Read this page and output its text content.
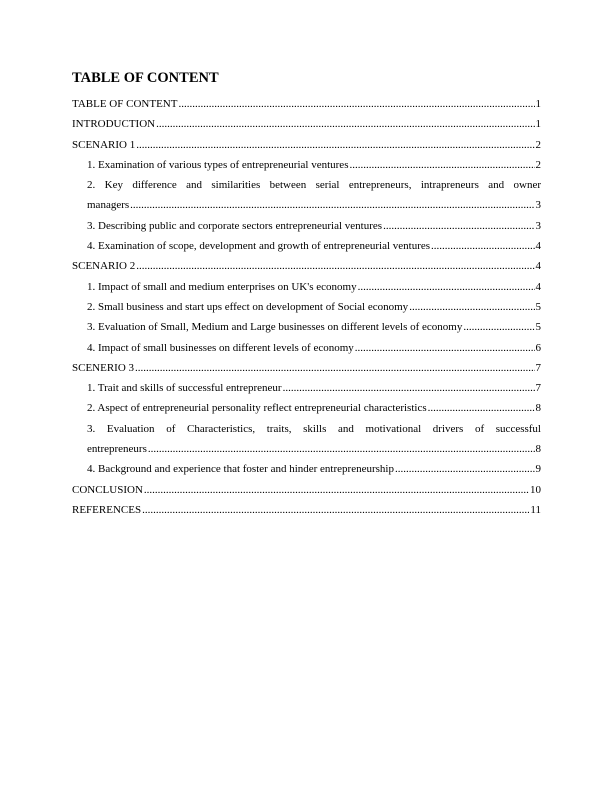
TABLE OF CONTENT
TABLE OF CONTENT .....	1
INTRODUCTION .....	1
SCENARIO 1 .....	2
1. Examination of various types of entrepreneurial ventures .....	2
2. Key difference and similarities between serial entrepreneurs, intrapreneurs and owner
managers .....	3
3. Describing public and corporate sectors entrepreneurial ventures .....	3
4. Examination of scope, development and growth of entrepreneurial ventures .....	4
SCENARIO 2 .....	4
1. Impact of small and medium enterprises on UK's economy .....	4
2. Small business and start ups effect on development of Social economy .....	5
3. Evaluation of Small, Medium and Large businesses on different levels of economy .....	5
4. Impact of small businesses on different levels of economy .....	6
SCENERIO 3 .....	7
1. Trait and skills of successful entrepreneur .....	7
2. Aspect of entrepreneurial personality reflect entrepreneurial characteristics .....	8
3. Evaluation of Characteristics, traits, skills and motivational drivers of successful
entrepreneurs .....	8
4. Background and experience that foster and hinder entrepreneurship .....	9
CONCLUSION .....	10
REFERENCES .....	11
